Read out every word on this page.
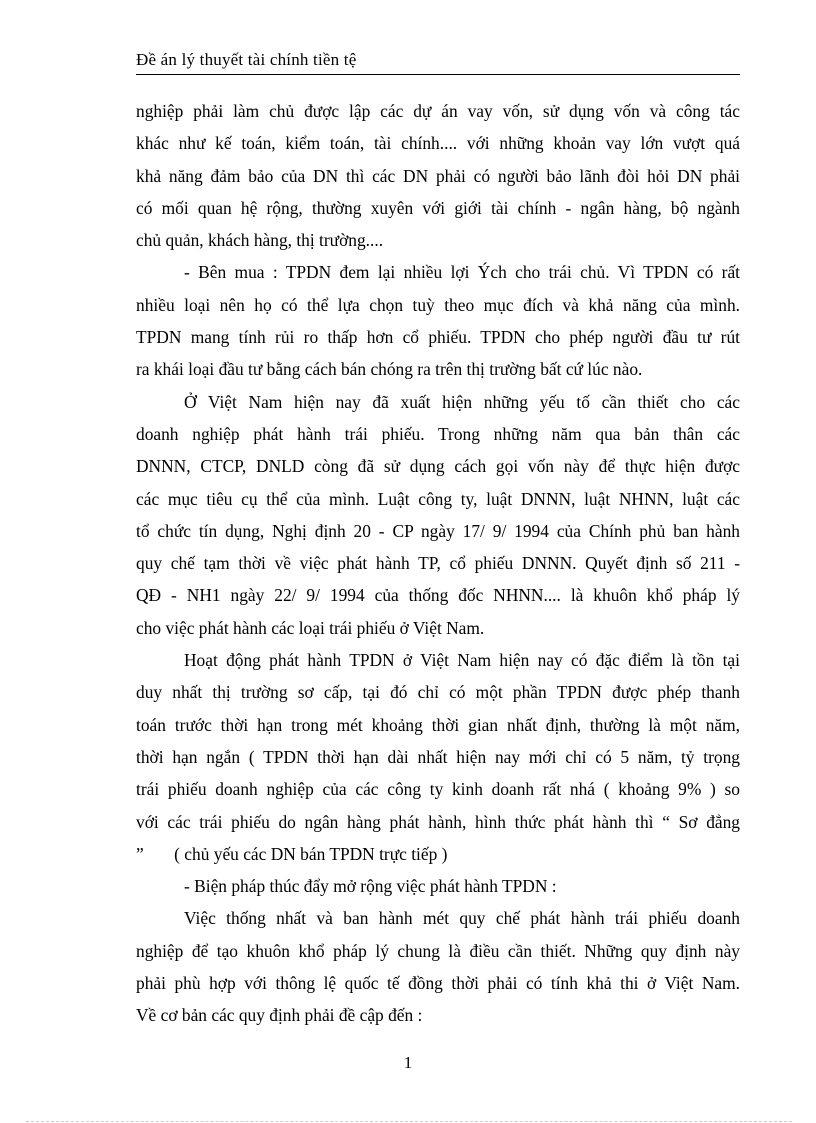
Đề án lý thuyết tài chính tiền tệ
nghiệp phải làm chủ được lập các dự án vay vốn, sử dụng vốn và công tác
khác như kế toán, kiểm toán, tài chính.... với những khoản vay lớn vượt quá
khả năng đảm bảo của DN thì các DN phải có người bảo lãnh đòi hỏi DN phải
có mối quan hệ rộng, thường xuyên với giới tài chính - ngân hàng, bộ ngành
chủ quản, khách hàng, thị trường....
- Bên mua : TPDN đem lại nhiều lợi Ých cho trái chủ. Vì TPDN có rất
nhiều loại nên họ có thể lựa chọn tuỳ theo mục đích và khả năng của mình.
TPDN mang tính rủi ro thấp hơn cổ phiếu. TPDN cho phép người đầu tư rút
ra khái loại đầu tư bằng cách bán chóng ra trên thị trường bất cứ lúc nào.
Ở Việt Nam hiện nay đã xuất hiện những yếu tố cần thiết cho các
doanh nghiệp phát hành trái phiếu. Trong những năm qua bản thân các
DNNN, CTCP, DNLD còng đã sử dụng cách gọi vốn này để thực hiện được
các mục tiêu cụ thể của mình. Luật công ty, luật DNNN, luật NHNN, luật các
tổ chức tín dụng, Nghị định 20 - CP ngày 17/ 9/ 1994 của Chính phủ ban hành
quy chế tạm thời về việc phát hành TP, cổ phiếu DNNN. Quyết định số 211 -
QĐ - NH1 ngày 22/ 9/ 1994 của thống đốc NHNN.... là khuôn khổ pháp lý
cho việc phát hành các loại trái phiếu ở Việt Nam.
Hoạt động phát hành TPDN ở Việt Nam hiện nay có đặc điểm là tồn tại
duy nhất thị trường sơ cấp, tại đó chỉ có một phần TPDN được phép thanh
toán trước thời hạn trong mét khoảng thời gian nhất định, thường là một năm,
thời hạn ngắn ( TPDN thời hạn dài nhất hiện nay mới chỉ có 5 năm, tỷ trọng
trái phiếu doanh nghiệp của các công ty kinh doanh rất nhá ( khoảng 9% ) so
với các trái phiếu do ngân hàng phát hành, hình thức phát hành thì “ Sơ đẳng
”       ( chủ yếu các DN bán TPDN trực tiếp )
- Biện pháp thúc đẩy mở rộng việc phát hành TPDN :
Việc thống nhất và ban hành mét quy chế phát hành trái phiếu doanh
nghiệp để tạo khuôn khổ pháp lý chung là điều cần thiết. Những quy định này
phải phù hợp với thông lệ quốc tế đồng thời phải có tính khả thi ở Việt Nam.
Về cơ bản các quy định phải đề cập đến :
1
